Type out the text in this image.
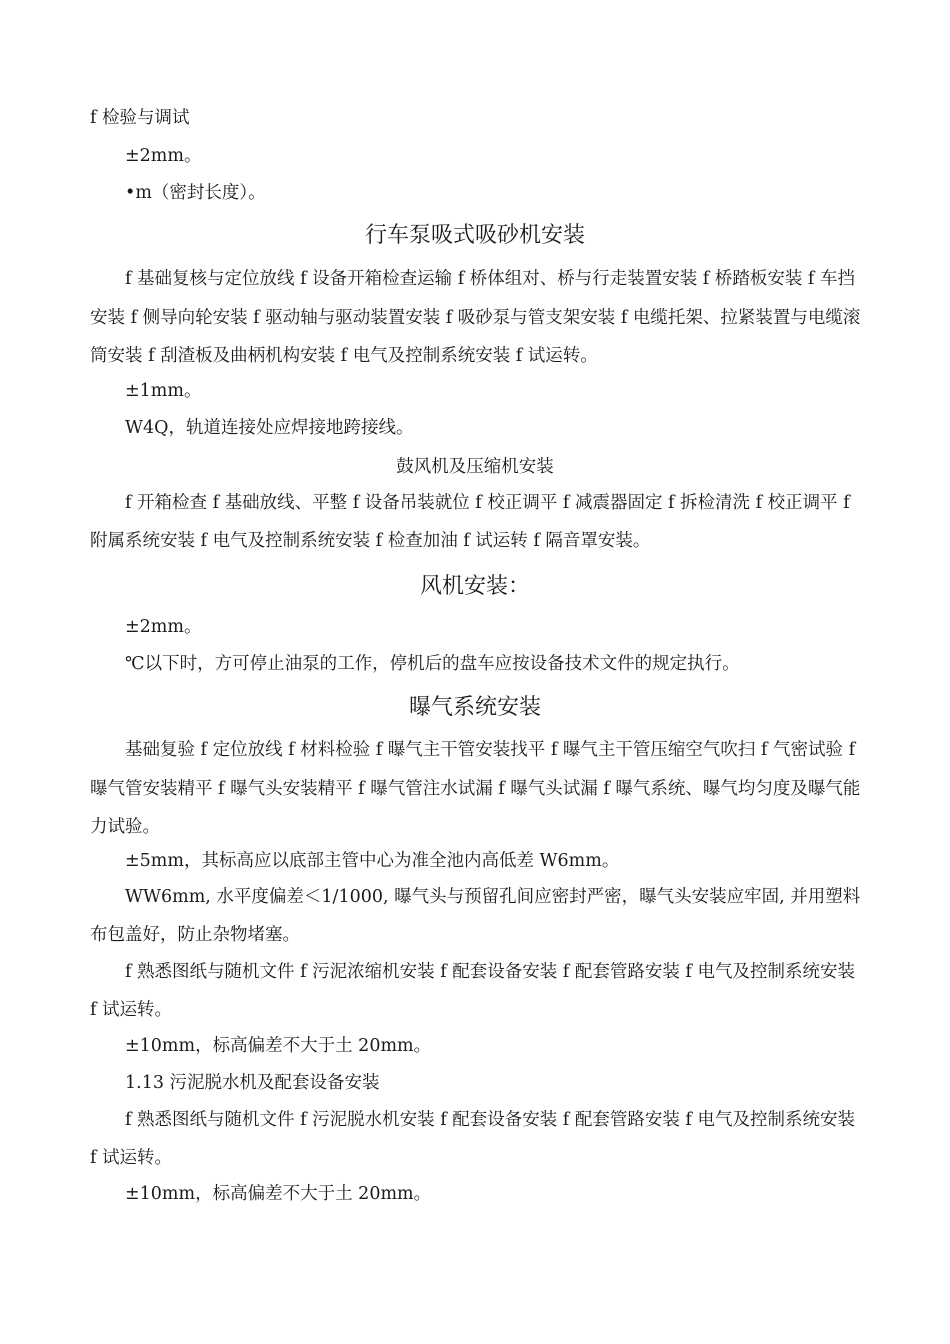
f 检验与调试

±2mm。

•m（密封长度）。

行车泵吸式吸砂机安装

f 基础复核与定位放线 f 设备开箱检查运输 f 桥体组对、桥与行走装置安装 f 桥踏板安装 f 车挡安装 f 侧导向轮安装 f 驱动轴与驱动装置安装 f 吸砂泵与管支架安装 f 电缆托架、拉紧装置与电缆滚筒安装 f 刮渣板及曲柄机构安装 f 电气及控制系统安装 f 试运转。

±1mm。

W4Q，轨道连接处应焊接地跨接线。

鼓风机及压缩机安装

f 开箱检查 f 基础放线、平整 f 设备吊装就位 f 校正调平 f 减震器固定 f 拆检清洗 f 校正调平 f 附属系统安装 f 电气及控制系统安装 f 检查加油 f 试运转 f 隔音罩安装。

风机安装：

±2mm。

℃以下时，方可停止油泵的工作，停机后的盘车应按设备技术文件的规定执行。

曝气系统安装

基础复验 f 定位放线 f 材料检验 f 曝气主干管安装找平 f 曝气主干管压缩空气吹扫 f 气密试验 f 曝气管安装精平 f 曝气头安装精平 f 曝气管注水试漏 f 曝气头试漏 f 曝气系统、曝气均匀度及曝气能力试验。

±5mm，其标高应以底部主管中心为准全池内高低差 W6mm。

WW6mm, 水平度偏差＜1/1000, 曝气头与预留孔间应密封严密，曝气头安装应牢固, 并用塑料布包盖好，防止杂物堵塞。

f 熟悉图纸与随机文件 f 污泥浓缩机安装 f 配套设备安装 f 配套管路安装 f 电气及控制系统安装 f 试运转。

±10mm，标高偏差不大于土 20mm。

1.13 污泥脱水机及配套设备安装

f 熟悉图纸与随机文件 f 污泥脱水机安装 f 配套设备安装 f 配套管路安装 f 电气及控制系统安装 f 试运转。

±10mm，标高偏差不大于土 20mm。
